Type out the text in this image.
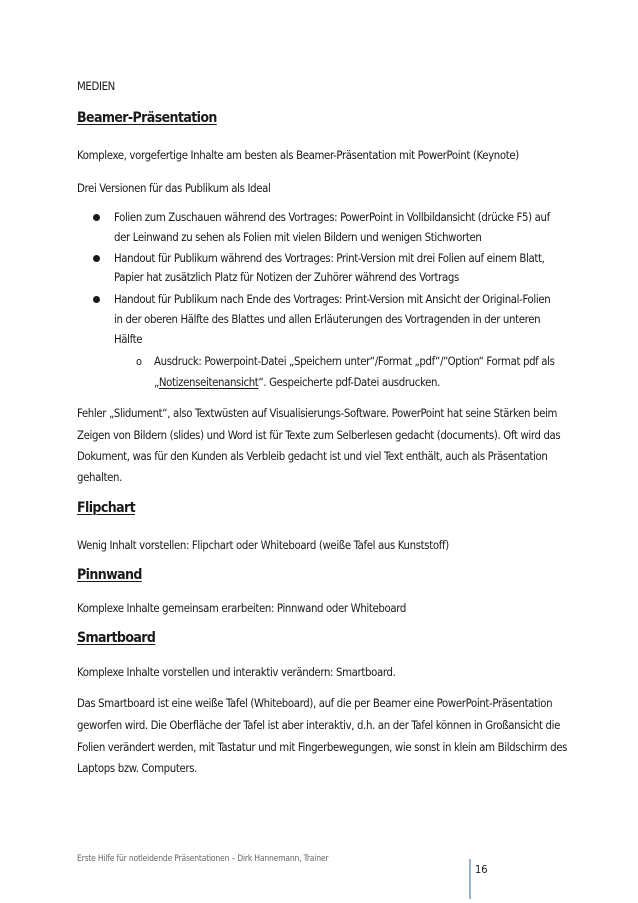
MEDIEN
Beamer-Präsentation
Komplexe, vorgefertige Inhalte am besten als Beamer-Präsentation mit PowerPoint (Keynote)
Drei Versionen für das Publikum als Ideal
Folien zum Zuschauen während des Vortrages: PowerPoint in Vollbildansicht (drücke F5) auf
der Leinwand zu sehen als Folien mit vielen Bildern und wenigen Stichworten
Handout für Publikum während des Vortrages: Print-Version mit drei Folien auf einem Blatt,
Papier hat zusätzlich Platz für Notizen der Zuhörer während des Vortrags
Handout für Publikum nach Ende des Vortrages: Print-Version mit Ansicht der Original-Folien
in der oberen Hälfte des Blattes und allen Erläuterungen des Vortragenden in der unteren
Hälfte
o Ausdruck: Powerpoint-Datei „Speichern unter“/Format „pdf“/“Option“ Format pdf als
„Notizenseitenansicht“. Gespeicherte pdf-Datei ausdrucken.
Fehler „Slidument“, also Textwüsten auf Visualisierungs-Software. PowerPoint hat seine Stärken beim
Zeigen von Bildern (slides) und Word ist für Texte zum Selberlesen gedacht (documents). Oft wird das
Dokument, was für den Kunden als Verbleib gedacht ist und viel Text enthält, auch als Präsentation
gehalten.
Flipchart
Wenig Inhalt vorstellen: Flipchart oder Whiteboard (weiße Tafel aus Kunststoff)
Pinnwand
Komplexe Inhalte gemeinsam erarbeiten: Pinnwand oder Whiteboard
Smartboard
Komplexe Inhalte vorstellen und interaktiv verändern: Smartboard.
Das Smartboard ist eine weiße Tafel (Whiteboard), auf die per Beamer eine PowerPoint-Präsentation
geworfen wird. Die Oberfläche der Tafel ist aber interaktiv, d.h. an der Tafel können in Großansicht die
Folien verändert werden, mit Tastatur und mit Fingerbewegungen, wie sonst in klein am Bildschirm des
Laptops bzw. Computers.
Erste Hilfe für notleidende Präsentationen – Dirk Hannemann, Trainer
16
